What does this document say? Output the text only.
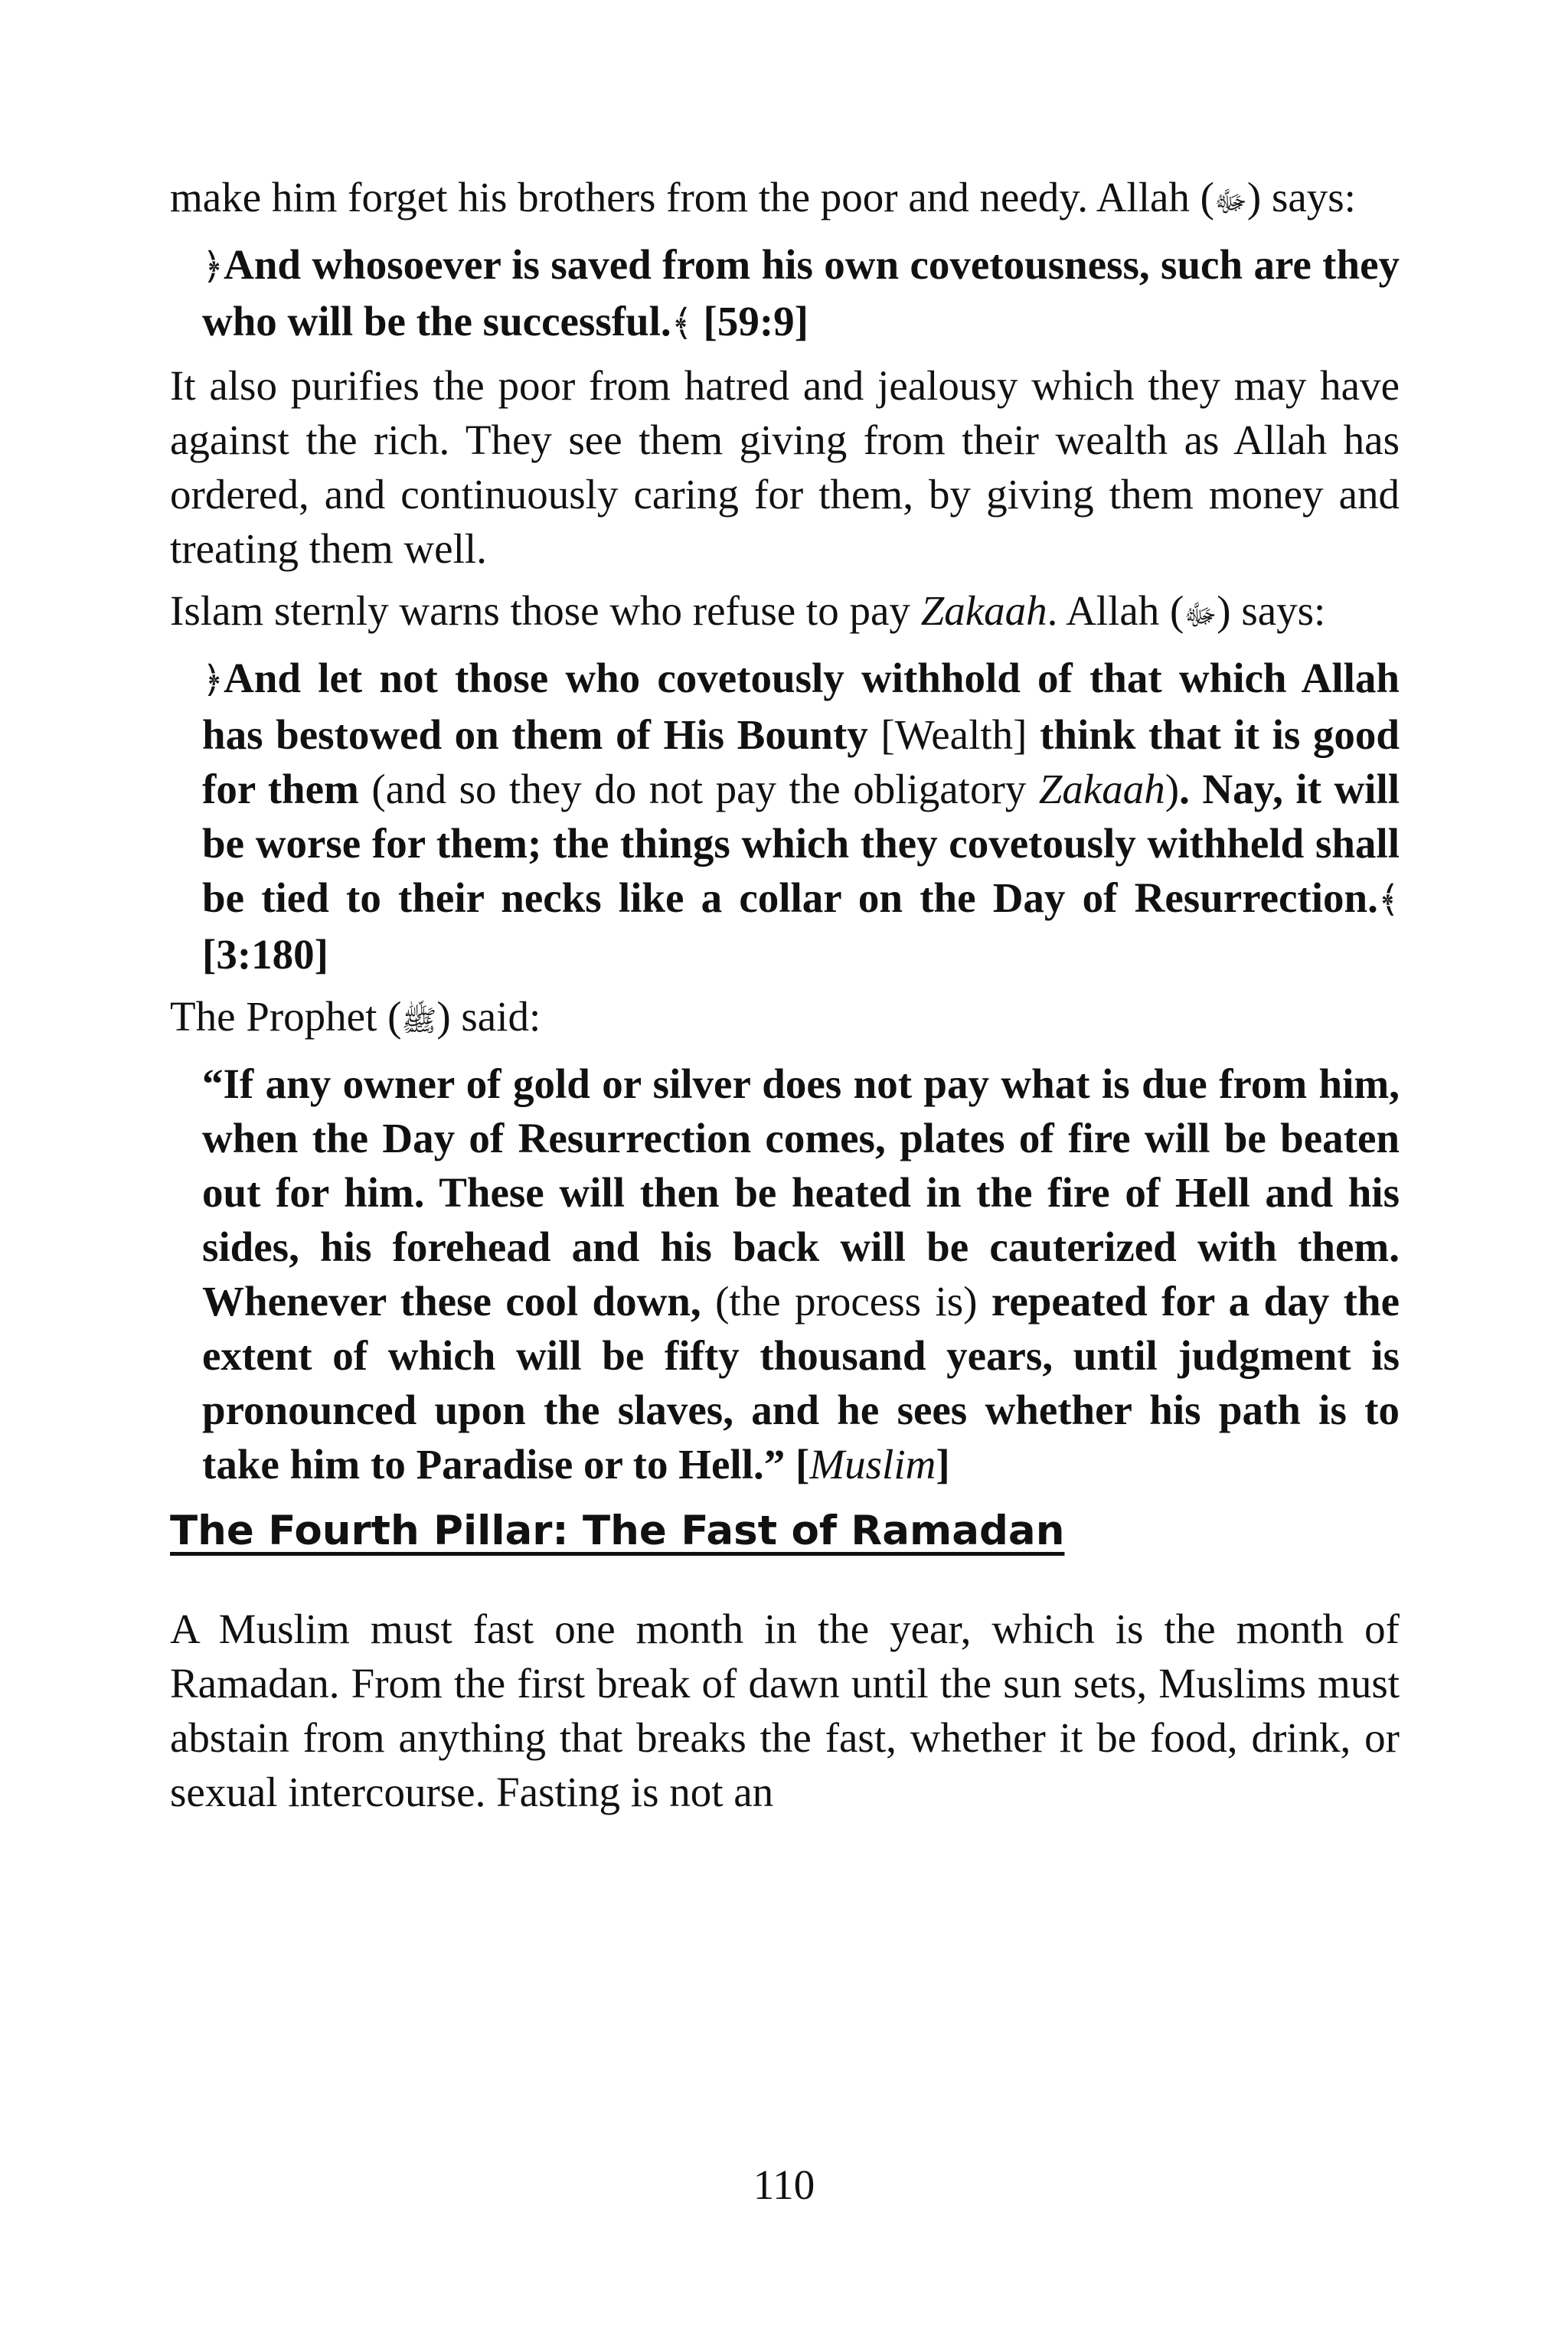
make him forget his brothers from the poor and needy. Allah (ﷻ) says:

﴿And whosoever is saved from his own covetousness, such are they who will be the successful.﴾ [59:9]

It also purifies the poor from hatred and jealousy which they may have against the rich. They see them giving from their wealth as Allah has ordered, and continuously caring for them, by giving them money and treating them well.

Islam sternly warns those who refuse to pay Zakaah. Allah (ﷻ) says:

﴿And let not those who covetously withhold of that which Allah has bestowed on them of His Bounty [Wealth] think that it is good for them (and so they do not pay the obligatory Zakaah). Nay, it will be worse for them; the things which they covetously withheld shall be tied to their necks like a collar on the Day of Resurrection.﴾ [3:180]

The Prophet (ﷺ) said:

“If any owner of gold or silver does not pay what is due from him, when the Day of Resurrection comes, plates of fire will be beaten out for him. These will then be heated in the fire of Hell and his sides, his forehead and his back will be cauterized with them. Whenever these cool down, (the process is) repeated for a day the extent of which will be fifty thousand years, until judgment is pronounced upon the slaves, and he sees whether his path is to take him to Paradise or to Hell.” [Muslim]
The Fourth Pillar: The Fast of Ramadan

A Muslim must fast one month in the year, which is the month of Ramadan. From the first break of dawn until the sun sets, Muslims must abstain from anything that breaks the fast, whether it be food, drink, or sexual intercourse. Fasting is not an

110
